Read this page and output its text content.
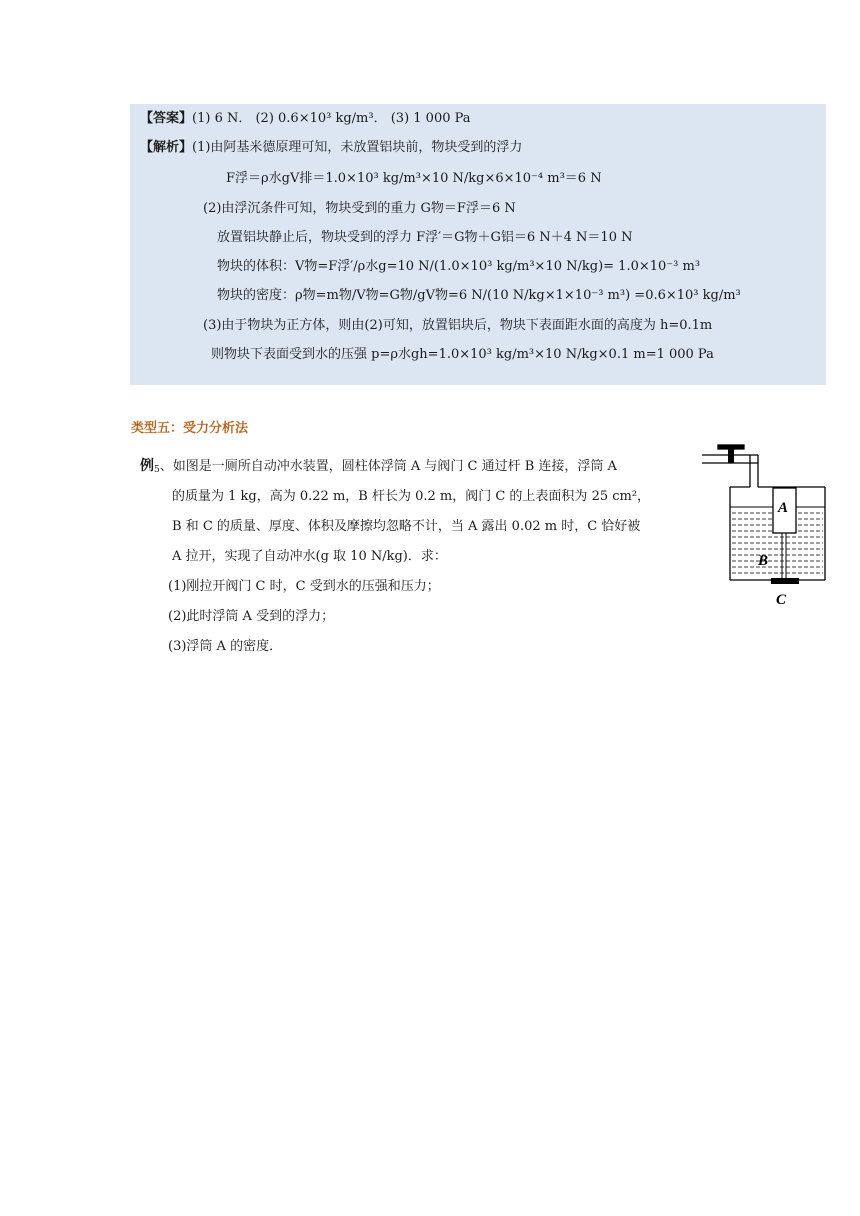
【答案】(1) 6 N． (2) 0.6×10³ kg/m³． (3) 1 000 Pa
【解析】(1)由阿基米德原理可知，未放置铝块前，物块受到的浮力
F浮＝ρ水gV排＝1.0×10³ kg/m³×10 N/kg×6×10⁻⁴ m³＝6 N
(2)由浮沉条件可知，物块受到的重力 G物＝F浮＝6 N
放置铝块静止后，物块受到的浮力 F浮′＝G物＋G铝＝6 N＋4 N＝10 N
物块的体积：V物=F浮′/ρ水g=10 N/(1.0×10³ kg/m³×10 N/kg)= 1.0×10⁻³ m³
物块的密度：ρ物=m物/V物=G物/gV物=6 N/(10 N/kg×1×10⁻³ m³) =0.6×10³ kg/m³
(3)由于物块为正方体，则由(2)可知，放置铝块后，物块下表面距水面的高度为 h=0.1m
则物块下表面受到水的压强 p=ρ水gh=1.0×10³ kg/m³×10 N/kg×0.1 m=1 000 Pa
类型五：受力分析法
例5、如图是一厕所自动冲水装置，圆柱体浮筒 A 与阀门 C 通过杆 B 连接，浮筒 A
的质量为 1 kg，高为 0.22 m，B 杆长为 0.2 m，阀门 C 的上表面积为 25 cm²，
B 和 C 的质量、厚度、体积及摩擦均忽略不计，当 A 露出 0.02 m 时，C 恰好被
A 拉开，实现了自动冲水(g 取 10 N/kg)．求：
(1)刚拉开阀门 C 时，C 受到水的压强和压力；
(2)此时浮筒 A 受到的浮力；
(3)浮筒 A 的密度．
A
B
C
